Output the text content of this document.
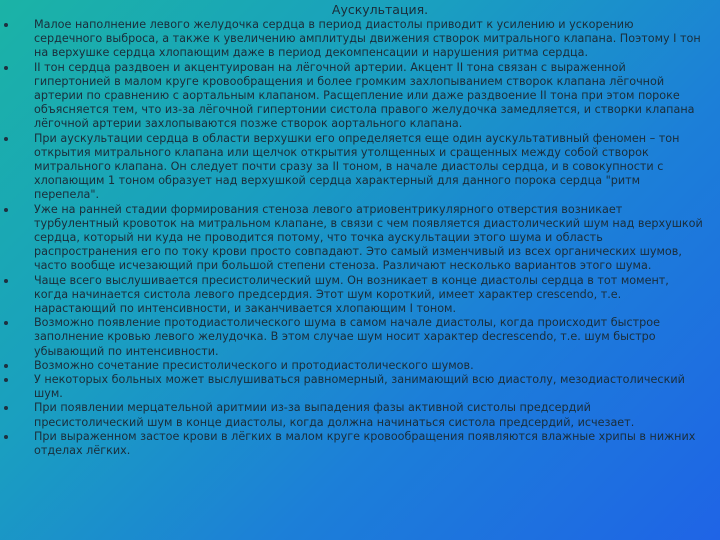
Аускультация.
Малое наполнение левого желудочка сердца в период диастолы приводит к усилению и ускорению сердечного выброса, а также к увеличению амплитуды движения створок митрального клапана. Поэтому I тон на верхушке сердца хлопающим даже в период декомпенсации и нарушения ритма сердца.
II тон сердца раздвоен и акцентуирован на лёгочной артерии. Акцент II тона связан с выраженной гипертонией в малом круге кровообращения и более громким захлопыванием створок клапана лёгочной артерии по сравнению с аортальным клапаном. Расщепление или даже раздвоение II тона при этом пороке объясняется тем, что из-за лёгочной гипертонии систола правого желудочка замедляется, и створки клапана лёгочной артерии захлопываются позже створок аортального клапана.
При аускультации сердца в области верхушки его определяется еще один аускультативный феномен – тон открытия митрального клапана или щелчок открытия утолщенных и сращенных между собой створок митрального клапана. Он следует почти сразу за II тоном, в начале диастолы сердца, и в совокупности с хлопающим 1 тоном образует над верхушкой сердца характерный для данного порока сердца "ритм перепела".
Уже на ранней стадии формирования стеноза левого атриовентрикулярного отверстия возникает турбулентный кровоток на митральном клапане, в связи с чем появляется диастолический шум над верхушкой сердца, который ни куда не проводится потому, что точка аускультации этого шума и область распространения его по току крови просто совпадают. Это самый изменчивый из всех органических шумов, часто вообще исчезающий при большой степени стеноза. Различают несколько вариантов этого шума.
Чаще всего выслушивается пресистолический шум. Он возникает в конце диастолы сердца в тот момент, когда начинается систола левого предсердия. Этот шум короткий, имеет характер crescendo, т.е. нарастающий по интенсивности, и заканчивается хлопающим I тоном.
Возможно появление протодиастолического шума в самом начале диастолы, когда происходит быстрое заполнение кровью левого желудочка. В этом случае шум носит характер decrescendo, т.е. шум быстро убывающий по интенсивности.
Возможно сочетание пресистолического и протодиастолического шумов.
У некоторых больных может выслушиваться равномерный, занимающий всю диастолу, мезодиастолический шум.
При появлении мерцательной аритмии из-за выпадения фазы активной систолы предсердий пресистолический шум в конце диастолы, когда должна начинаться систола предсердий, исчезает.
При выраженном застое крови в лёгких в малом круге кровообращения появляются влажные хрипы в нижних отделах лёгких.
